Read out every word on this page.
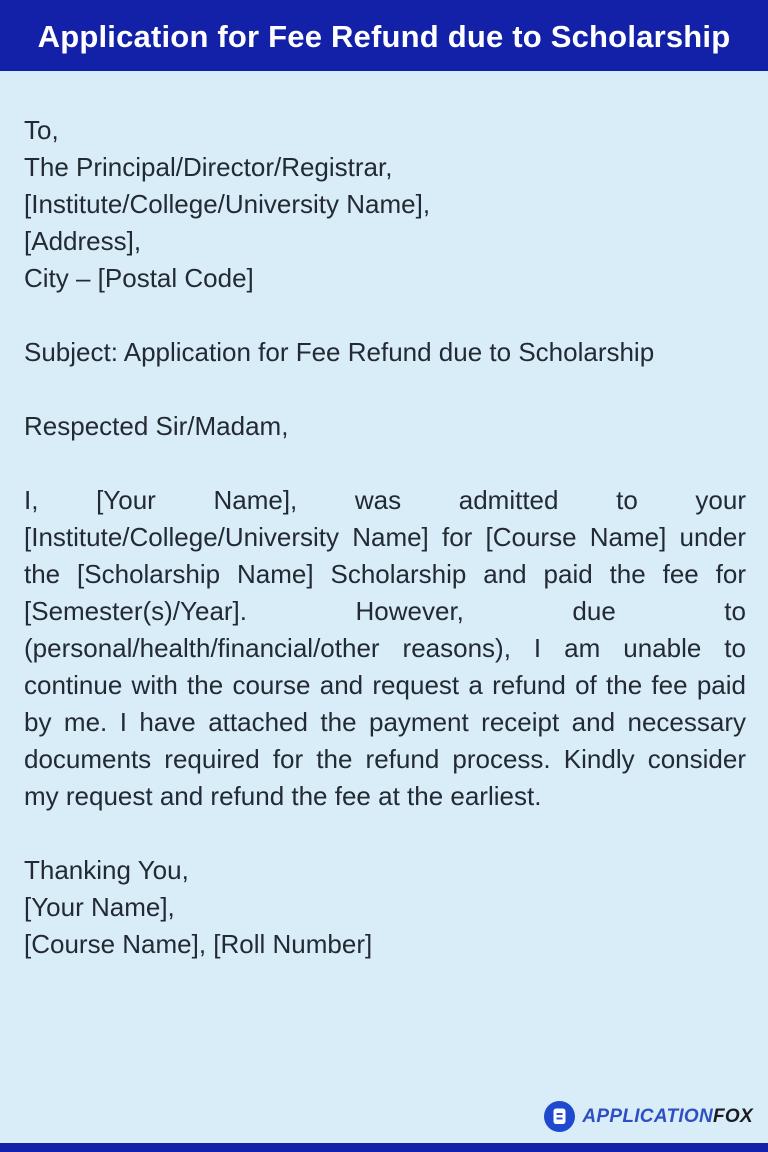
Application for Fee Refund due to Scholarship
To,
The Principal/Director/Registrar,
[Institute/College/University Name],
[Address],
City – [Postal Code]
Subject: Application for Fee Refund due to Scholarship
Respected Sir/Madam,
I, [Your Name], was admitted to your [Institute/College/University Name] for [Course Name] under the [Scholarship Name] Scholarship and paid the fee for [Semester(s)/Year]. However, due to (personal/health/financial/other reasons), I am unable to continue with the course and request a refund of the fee paid by me. I have attached the payment receipt and necessary documents required for the refund process. Kindly consider my request and refund the fee at the earliest.
Thanking You,
[Your Name],
[Course Name], [Roll Number]
APPLICATIONFOX
